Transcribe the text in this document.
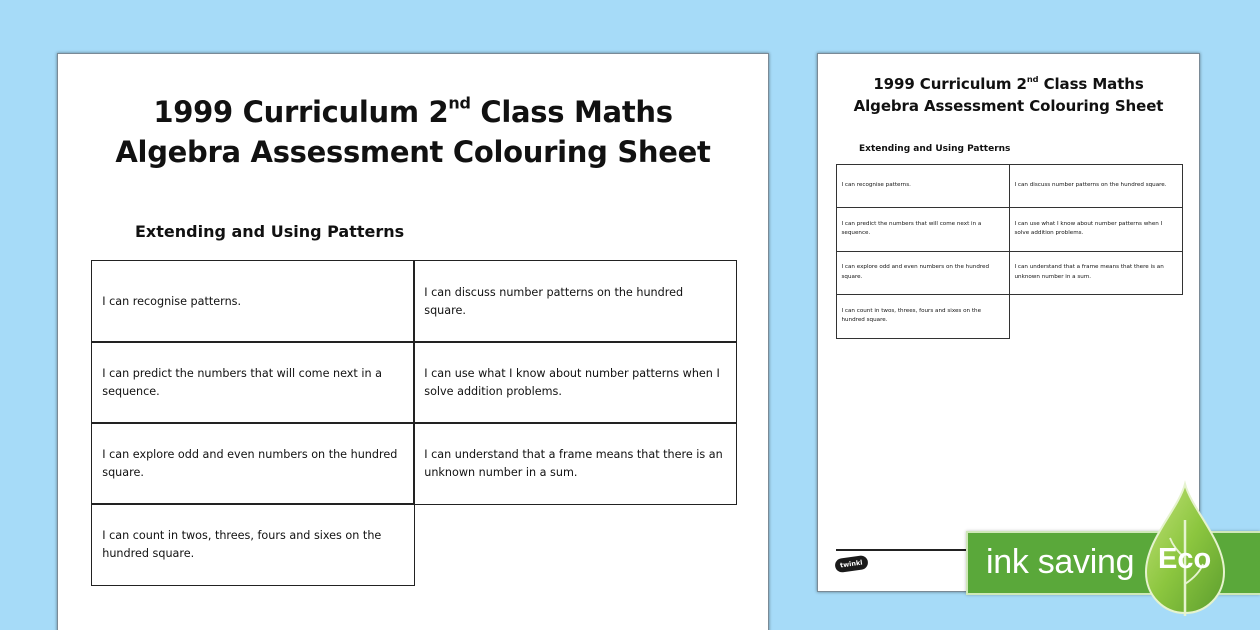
1999 Curriculum 2nd Class Maths
Algebra Assessment Colouring Sheet
Extending and Using Patterns
I can recognise patterns.
I can discuss number patterns on the hundred square.
I can predict the numbers that will come next in a sequence.
I can use what I know about number patterns when I solve addition problems.
I can explore odd and even numbers on the hundred square.
I can understand that a frame means that there is an unknown number in a sum.
I can count in twos, threes, fours and sixes on the hundred square.
1999 Curriculum 2nd Class Maths
Algebra Assessment Colouring Sheet
Extending and Using Patterns
I can recognise patterns.	I can discuss number patterns on the hundred square.
I can predict the numbers that will come next in a sequence.
I can use what I know about number patterns when I solve addition problems.
I can explore odd and even numbers on the hundred square.
I can understand that a frame means that there is an unknown number in a sum.
I can count in twos, threes, fours and sixes on the hundred square.
twinkl	ink saving Eco
